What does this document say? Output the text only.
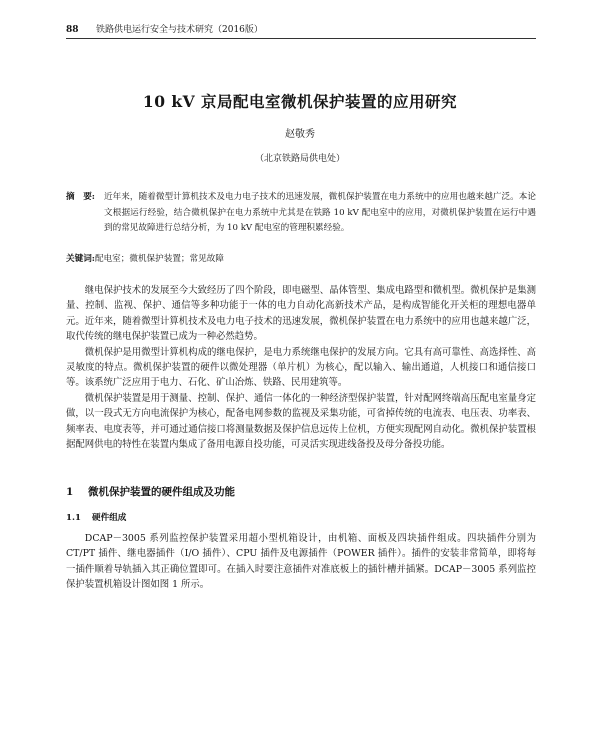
88 铁路供电运行安全与技术研究（2016版）
10 kV 京局配电室微机保护装置的应用研究
赵敬秀
（北京铁路局供电处）
摘　要:	近年来，随着微型计算机技术及电力电子技术的迅速发展，微机保护装置在电力系统中的应用也越来越广泛。本论文根据运行经验，结合微机保护在电力系统中尤其是在铁路 10 kV 配电室中的应用，对微机保护装置在运行中遇到的常见故障进行总结分析，为 10 kV 配电室的管理积累经验。
关键词:配电室；微机保护装置；常见故障

继电保护技术的发展至今大致经历了四个阶段，即电磁型、晶体管型、集成电路型和微机型。微机保护是集测量、控制、监视、保护、通信等多种功能于一体的电力自动化高新技术产品，是构成智能化开关柜的理想电器单元。近年来，随着微型计算机技术及电力电子技术的迅速发展，微机保护装置在电力系统中的应用也越来越广泛，取代传统的继电保护装置已成为一种必然趋势。

微机保护是用微型计算机构成的继电保护，是电力系统继电保护的发展方向。它具有高可靠性、高选择性、高灵敏度的特点。微机保护装置的硬件以微处理器（单片机）为核心，配以输入、输出通道，人机接口和通信接口等。该系统广泛应用于电力、石化、矿山冶炼、铁路、民用建筑等。

微机保护装置是用于测量、控制、保护、通信一体化的一种经济型保护装置，针对配网终端高压配电室量身定做，以一段式无方向电流保护为核心，配备电网参数的监视及采集功能，可省掉传统的电流表、电压表、功率表、频率表、电度表等，并可通过通信接口将测量数据及保护信息远传上位机，方便实现配网自动化。微机保护装置根据配网供电的特性在装置内集成了备用电源自投功能，可灵活实现进线备投及母分备投功能。

1 微机保护装置的硬件组成及功能
1.1 硬件组成

DCAP－3005 系列监控保护装置采用超小型机箱设计，由机箱、面板及四块插件组成。四块插件分别为 CT/PT 插件、继电器插件（I/O 插件）、CPU 插件及电源插件（POWER 插件）。插件的安装非常简单，即将每一插件顺着导轨插入其正确位置即可。在插入时要注意插件对准底板上的插针槽并插紧。DCAP－3005 系列监控保护装置机箱设计图如图 1 所示。
